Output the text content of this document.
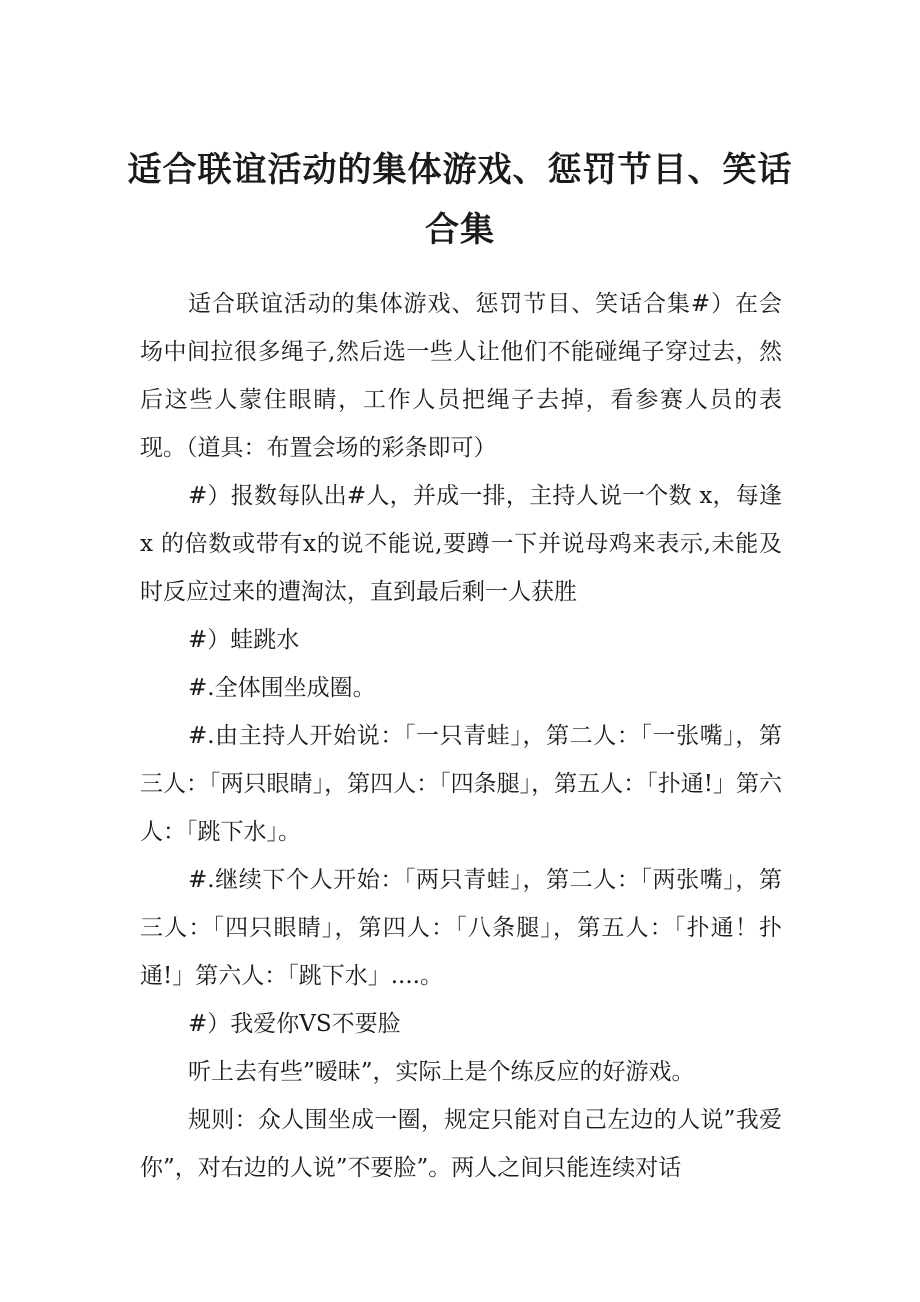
适合联谊活动的集体游戏、惩罚节目、笑话
合集

适合联谊活动的集体游戏、惩罚节目、笑话合集#）在会场中间拉很多绳子,然后选一些人让他们不能碰绳子穿过去，然后这些人蒙住眼睛，工作人员把绳子去掉，看参赛人员的表现。（道具：布置会场的彩条即可）

#）报数每队出#人，并成一排，主持人说一个数 x，每逢x 的倍数或带有x的说不能说,要蹲一下并说母鸡来表示,未能及时反应过来的遭淘汰，直到最后剩一人获胜

#）蛙跳水

#.全体围坐成圈。

#.由主持人开始说：「一只青蛙」，第二人：「一张嘴」，第三人：「两只眼睛」，第四人：「四条腿」，第五人：「扑通!」第六人：「跳下水」。

#.继续下个人开始：「两只青蛙」，第二人：「两张嘴」，第三人：「四只眼睛」，第四人：「八条腿」，第五人：「扑通！扑通!」第六人：「跳下水」....。

#）我爱你VS不要脸

听上去有些”暧昧”，实际上是个练反应的好游戏。

规则：众人围坐成一圈，规定只能对自己左边的人说”我爱你”，对右边的人说”不要脸”。两人之间只能连续对话
